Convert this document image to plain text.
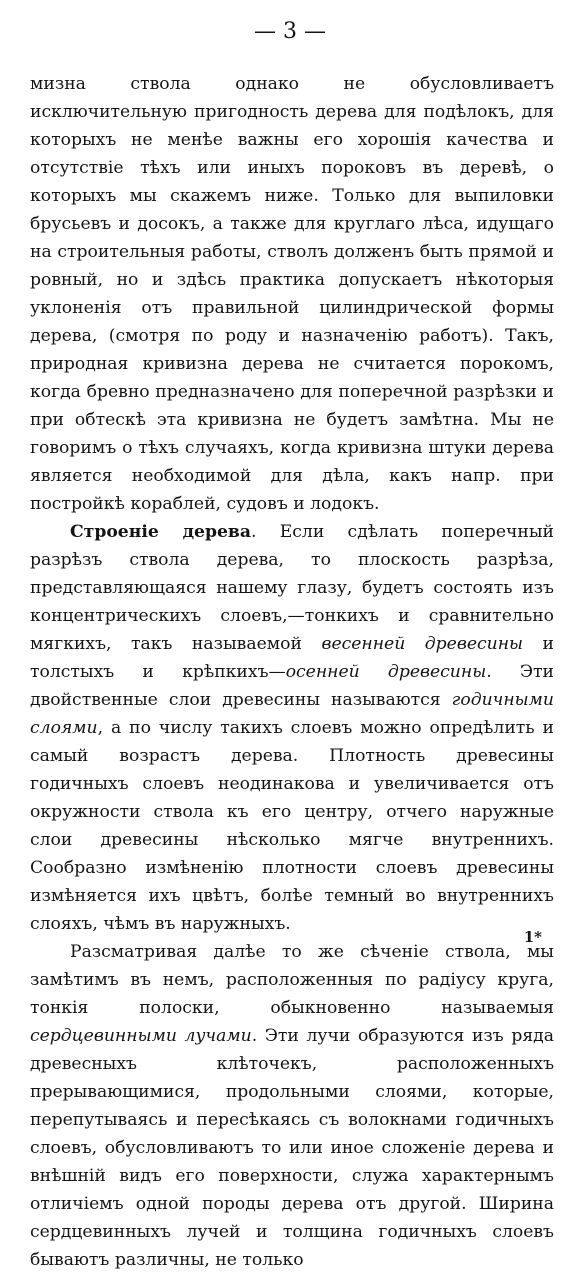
— 3 —

мизна ствола однако не обусловливаетъ исключительную пригодность дерева для подѣлокъ, для которыхъ не менѣе важны его хорошія качества и отсутствіе тѣхъ или иныхъ пороковъ въ деревѣ, о которыхъ мы скажемъ ниже. Только для выпиловки брусьевъ и досокъ, а также для круглаго лѣса, идущаго на строительныя работы, стволъ долженъ быть прямой и ровный, но и здѣсь практика допускаетъ нѣкоторыя уклоненія отъ правильной цилиндрической формы дерева, (смотря по роду и назначенію работъ). Такъ, природная кривизна дерева не считается порокомъ, когда бревно предназначено для поперечной разрѣзки и при обтескѣ эта кривизна не будетъ замѣтна. Мы не говоримъ о тѣхъ случаяхъ, когда кривизна штуки дерева является необходимой для дѣла, какъ напр. при постройкѣ кораблей, судовъ и лодокъ.

Строеніе дерева. Если сдѣлать поперечный разрѣзъ ствола дерева, то плоскость разрѣза, представляющаяся нашему глазу, будетъ состоять изъ концентрическихъ слоевъ,—тонкихъ и сравнительно мягкихъ, такъ называемой весенней древесины и толстыхъ и крѣпкихъ—осенней древесины. Эти двойственные слои древесины называются годичными слоями, а по числу такихъ слоевъ можно опредѣлить и самый возрастъ дерева. Плотность древесины годичныхъ слоевъ неодинакова и увеличивается отъ окружности ствола къ его центру, отчего наружные слои древесины нѣсколько мягче внутреннихъ. Сообразно измѣненію плотности слоевъ древесины измѣняется ихъ цвѣтъ, болѣе темный во внутреннихъ слояхъ, чѣмъ въ наружныхъ.

Разсматривая далѣе то же сѣченіе ствола, мы замѣтимъ въ немъ, расположенныя по радіусу круга, тонкія полоски, обыкновенно называемыя сердцевинными лучами. Эти лучи образуются изъ ряда древесныхъ клѣточекъ, расположенныхъ прерывающимися, продольными слоями, которые, перепутываясь и пересѣкаясь съ волокнами годичныхъ слоевъ, обусловливаютъ то или иное сложеніе дерева и внѣшній видъ его поверхности, служа характернымъ отличіемъ одной породы дерева отъ другой. Ширина сердцевинныхъ лучей и толщина годичныхъ слоевъ бываютъ различны, не только

1*
